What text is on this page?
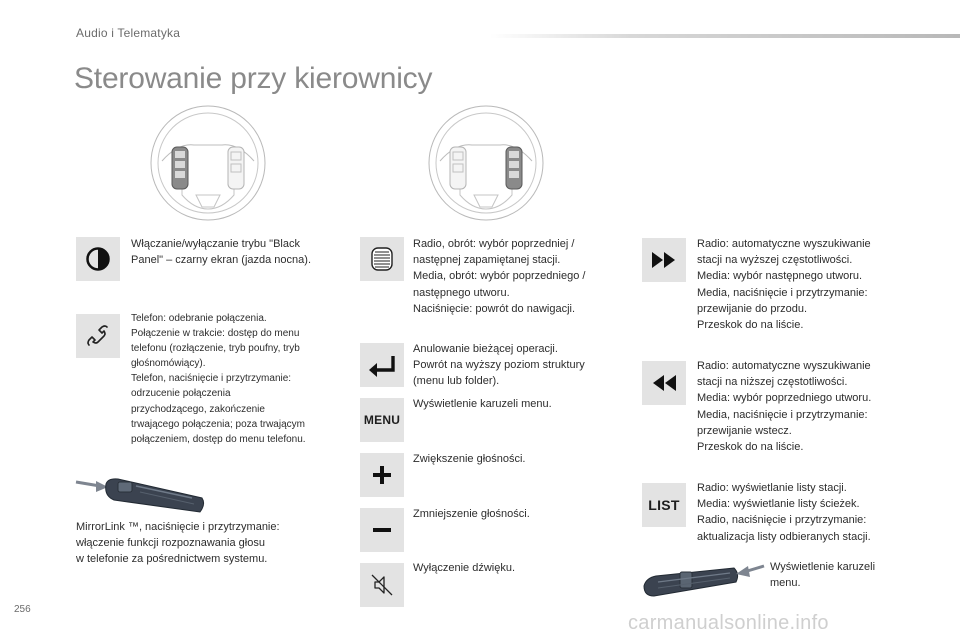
Audio i Telematyka
Sterowanie przy kierownicy
Włączanie/wyłączanie trybu "Black
Panel" – czarny ekran (jazda nocna).
Telefon: odebranie połączenia.
Połączenie w trakcie: dostęp do menu
telefonu (rozłączenie, tryb poufny, tryb
głośnomówiący).
Telefon, naciśnięcie i przytrzymanie:
odrzucenie połączenia
przychodzącego, zakończenie
trwającego połączenia; poza trwającym
połączeniem, dostęp do menu telefonu.
MirrorLink ™, naciśnięcie i przytrzymanie:
włączenie funkcji rozpoznawania głosu
w telefonie za pośrednictwem systemu.
Radio, obrót: wybór poprzedniej /
następnej zapamiętanej stacji.
Media, obrót: wybór poprzedniego /
następnego utworu.
Naciśnięcie: powrót do nawigacji.
Anulowanie bieżącej operacji.
Powrót na wyższy poziom struktury
(menu lub folder).
MENU
Wyświetlenie karuzeli menu.
Zwiększenie głośności.
Zmniejszenie głośności.
Wyłączenie dźwięku.
Radio: automatyczne wyszukiwanie
stacji na wyższej częstotliwości.
Media: wybór następnego utworu.
Media, naciśnięcie i przytrzymanie:
przewijanie do przodu.
Przeskok do na liście.
Radio: automatyczne wyszukiwanie
stacji na niższej częstotliwości.
Media: wybór poprzedniego utworu.
Media, naciśnięcie i przytrzymanie:
przewijanie wstecz.
Przeskok do na liście.
LIST
Radio: wyświetlanie listy stacji.
Media: wyświetlanie listy ścieżek.
Radio, naciśnięcie i przytrzymanie:
aktualizacja listy odbieranych stacji.
Wyświetlenie karuzeli
menu.
256
carmanualsonline.info
